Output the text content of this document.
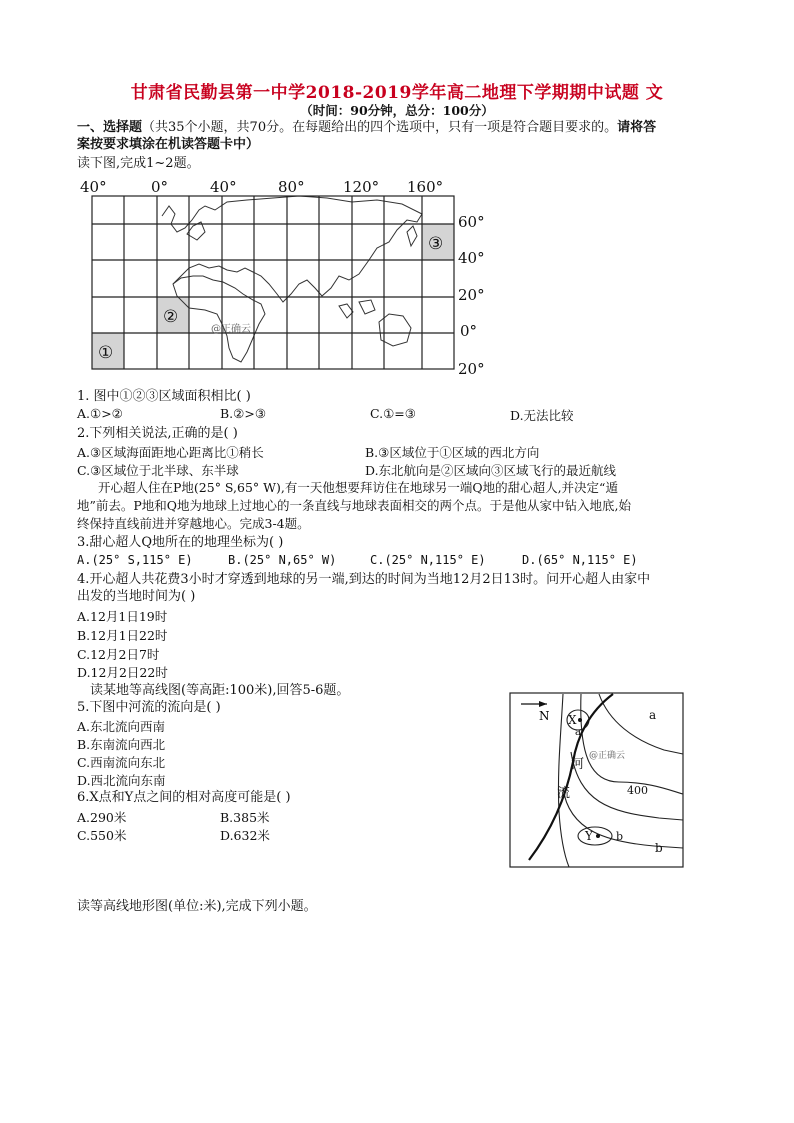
甘肃省民勤县第一中学2018-2019学年高二地理下学期期中试题 文
（时间：90分钟，总分：100分）
一、选择题（共35个小题，共70分。在每题给出的四个选项中，只有一项是符合题目要求的。请将答
案按要求填涂在机读答题卡中）
读下图,完成1~2题。
40°	0°	40°	80°	120° 160°
60°
40°
20°
0°
20°
①
②
③
@正确云
1. 图中①②③区域面积相比( )
A.①>②	B.②>③	C.①=③	D.无法比较
2.下列相关说法,正确的是( )
A.③区域海面距地心距离比①稍长	B.③区域位于①区域的西北方向
C.③区域位于北半球、东半球	D.东北航向是②区域向③区域飞行的最近航线
开心超人住在P地(25° S,65° W),有一天他想要拜访住在地球另一端Q地的甜心超人,并决定“遁
地”前去。P地和Q地为地球上过地心的一条直线与地球表面相交的两个点。于是他从家中钻入地底,始
终保持直线前进并穿越地心。完成3-4题。
3.甜心超人Q地所在的地理坐标为( )
A.(25° S,115° E)	B.(25° N,65° W)	C.(25° N,115° E)	D.(65° N,115° E)
4.开心超人共花费3小时才穿透到地球的另一端,到达的时间为当地12月2日13时。问开心超人由家中
出发的当地时间为( )
A.12月1日19时
B.12月1日22时
C.12月2日7时
D.12月2日22时
读某地等高线图(等高距:100米),回答5-6题。
5.下图中河流的流向是( )
A.东北流向西南
B.东南流向西北
C.西南流向东北
D.西北流向东南
6.X点和Y点之间的相对高度可能是( )
A.290米	B.385米
C.550米	D.632米
N X
a
a
Y b
b
河
流	400
@正确云
读等高线地形图(单位:米),完成下列小题。
